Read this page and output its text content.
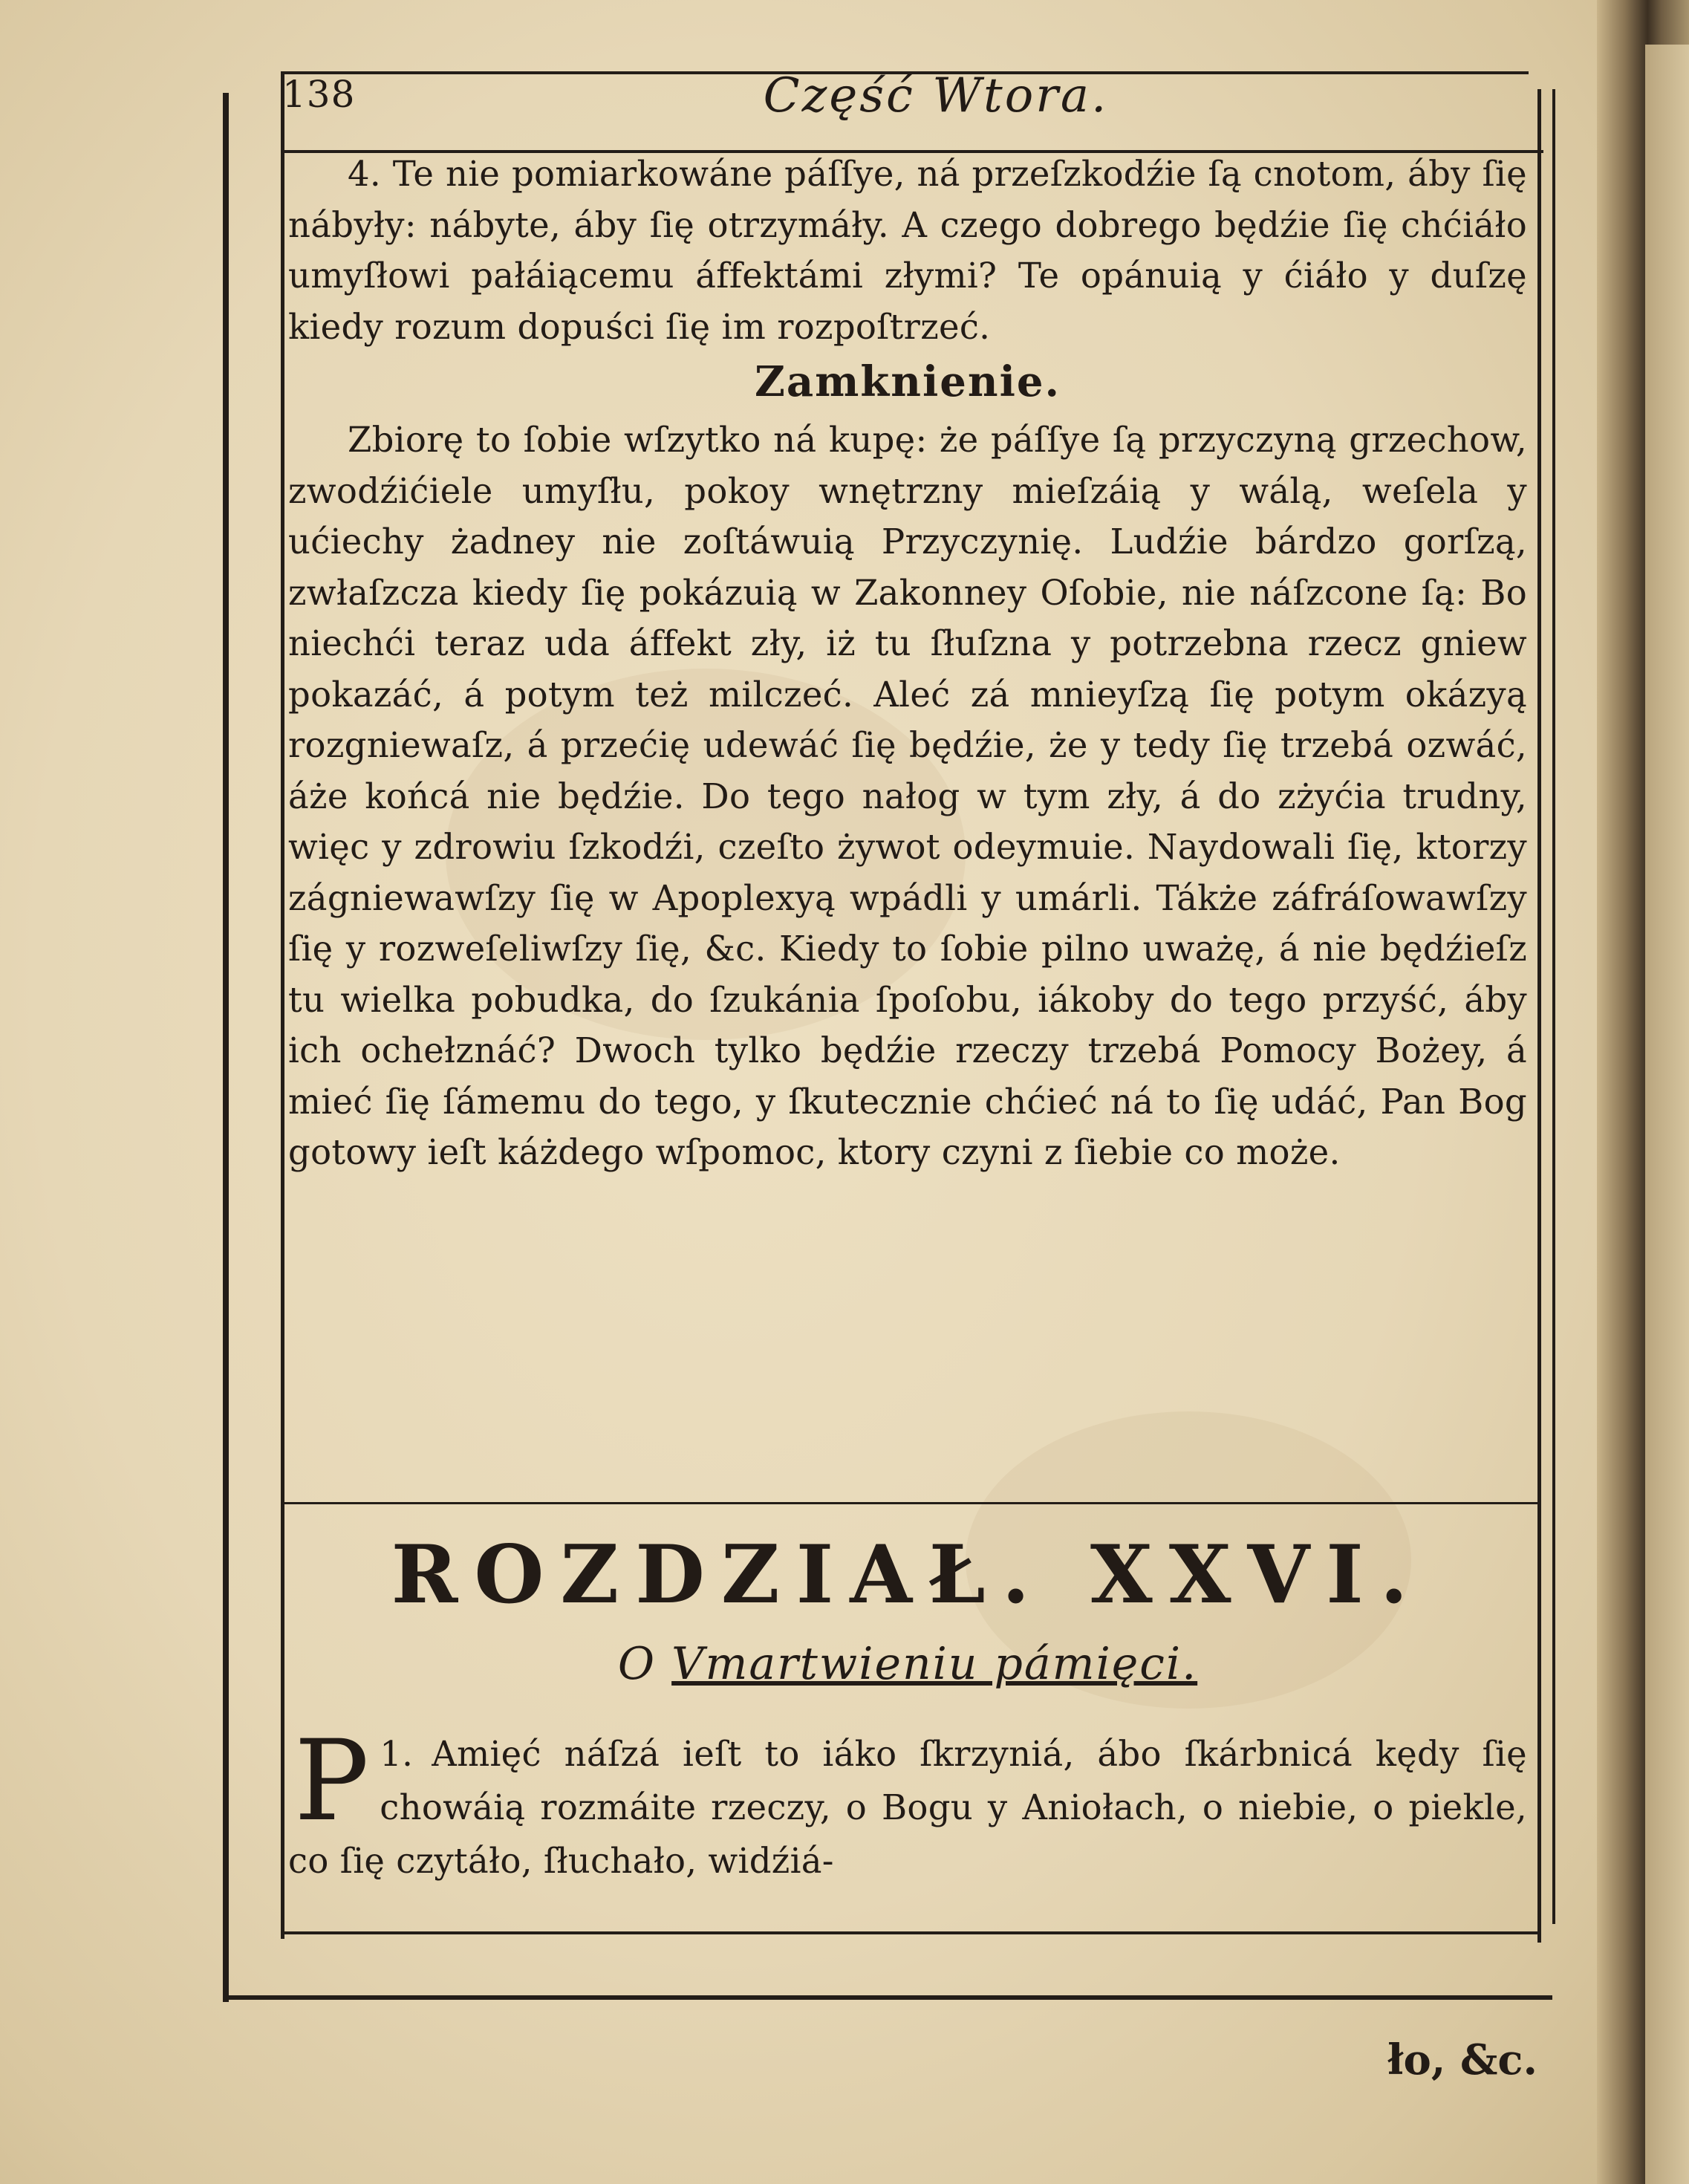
138	Część Wtora.

4. Te nie pomiarkowáne páſſye, ná przeſzkodźie ſą cnotom, áby ſię nábyły: nábyte, áby ſię otrzymáły. A czego dobrego będźie ſię chćiáło umyſłowi pałáiącemu áffektámi złymi? Te opánuią y ćiáło y duſzę kiedy rozum dopuści ſię im rozpoſtrzeć.

Zamknienie.

Zbiorę to ſobie wſzytko ná kupę: że páſſye ſą przyczyną grzechow, zwodźićiele umyſłu, pokoy wnętrzny mieſzáią y wálą, weſela y ućiechy żadney nie zoſtáwuią Przyczynię. Ludźie bárdzo gorſzą, zwłaſzcza kiedy ſię pokázuią w Zakonney Oſobie, nie náſzcone ſą: Bo niechći teraz uda áffekt zły, iż tu ſłuſzna y potrzebna rzecz gniew pokazáć, á potym też milczeć. Aleć zá mnieyſzą ſię potym okázyą rozgniewaſz, á przećię udewáć ſię będźie, że y tedy ſię trzebá ozwáć, áże końcá nie będźie. Do tego nałog w tym zły, á do zżyćia trudny, więc y zdrowiu ſzkodźi, czeſto żywot odeymuie. Naydowali ſię, ktorzy zágniewawſzy ſię w Apoplexyą wpádli y umárli. Tákże záfráſowawſzy ſię y rozweſeliwſzy ſię, &c. Kiedy to ſobie pilno uważę, á nie będźieſz tu wielka pobudka, do ſzukánia ſpoſobu, iákoby do tego przyść, áby ich ochełznáć? Dwoch tylko będźie rzeczy trzebá Pomocy Bożey, á mieć ſię ſámemu do tego, y ſkutecznie chćieć ná to ſię udáć, Pan Bog gotowy ieſt káżdego wſpomoc, ktory czyni z ſiebie co może.

ROZDZIAŁ. XXVI.

O Vmartwieniu pámięci.

1.
P Amięć náſzá ieſt to iáko ſkrzyniá, ábo ſkárbnicá kędy ſię chowáią rozmáite rzeczy, o Bogu y Aniołach, o niebie, o piekle, co ſię czytáło, ſłuchało, widźiá-

ło, &c.
